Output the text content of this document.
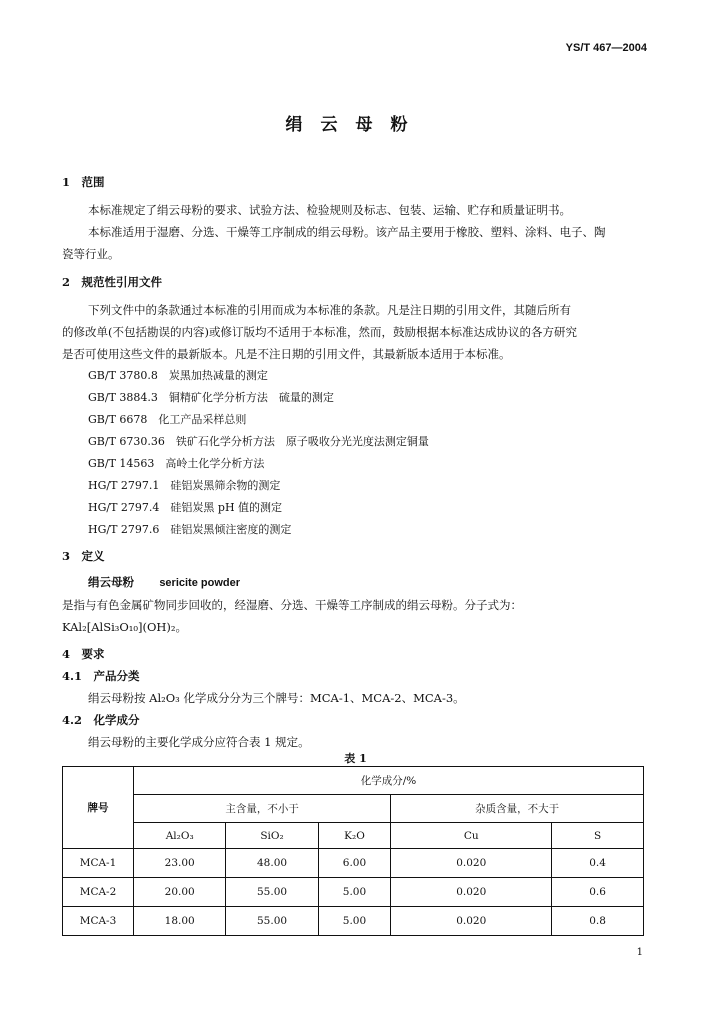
YS/T 467—2004
绢云母粉
1　范围
本标准规定了绢云母粉的要求、试验方法、检验规则及标志、包装、运输、贮存和质量证明书。
本标准适用于湿磨、分选、干燥等工序制成的绢云母粉。该产品主要用于橡胶、塑料、涂料、电子、陶
瓷等行业。
2　规范性引用文件
下列文件中的条款通过本标准的引用而成为本标准的条款。凡是注日期的引用文件，其随后所有
的修改单(不包括勘误的内容)或修订版均不适用于本标准，然而，鼓励根据本标准达成协议的各方研究
是否可使用这些文件的最新版本。凡是不注日期的引用文件，其最新版本适用于本标准。
GB/T 3780.8　炭黑加热减量的测定
GB/T 3884.3　铜精矿化学分析方法　硫量的测定
GB/T 6678　化工产品采样总则
GB/T 6730.36　铁矿石化学分析方法　原子吸收分光光度法测定铜量
GB/T 14563　高岭土化学分析方法
HG/T 2797.1　硅铝炭黑筛余物的测定
HG/T 2797.4　硅铝炭黑 pH 值的测定
HG/T 2797.6　硅铝炭黑倾注密度的测定
3　定义
绢云母粉 sericite powder
是指与有色金属矿物同步回收的，经湿磨、分选、干燥等工序制成的绢云母粉。分子式为：
KAl₂[AlSi₃O₁₀](OH)₂。
4　要求
4.1　产品分类
绢云母粉按 Al₂O₃ 化学成分分为三个牌号：MCA-1、MCA-2、MCA-3。
4.2　化学成分
绢云母粉的主要化学成分应符合表 1 规定。
表 1
牌号	化学成分/%				
	主含量，不小于			杂质含量，不大于	
	Al₂O₃	SiO₂	K₂O	Cu	S
MCA-1	23.00	48.00	6.00	0.020	0.4
MCA-2	20.00	55.00	5.00	0.020	0.6
MCA-3	18.00	55.00	5.00	0.020	0.8
1
